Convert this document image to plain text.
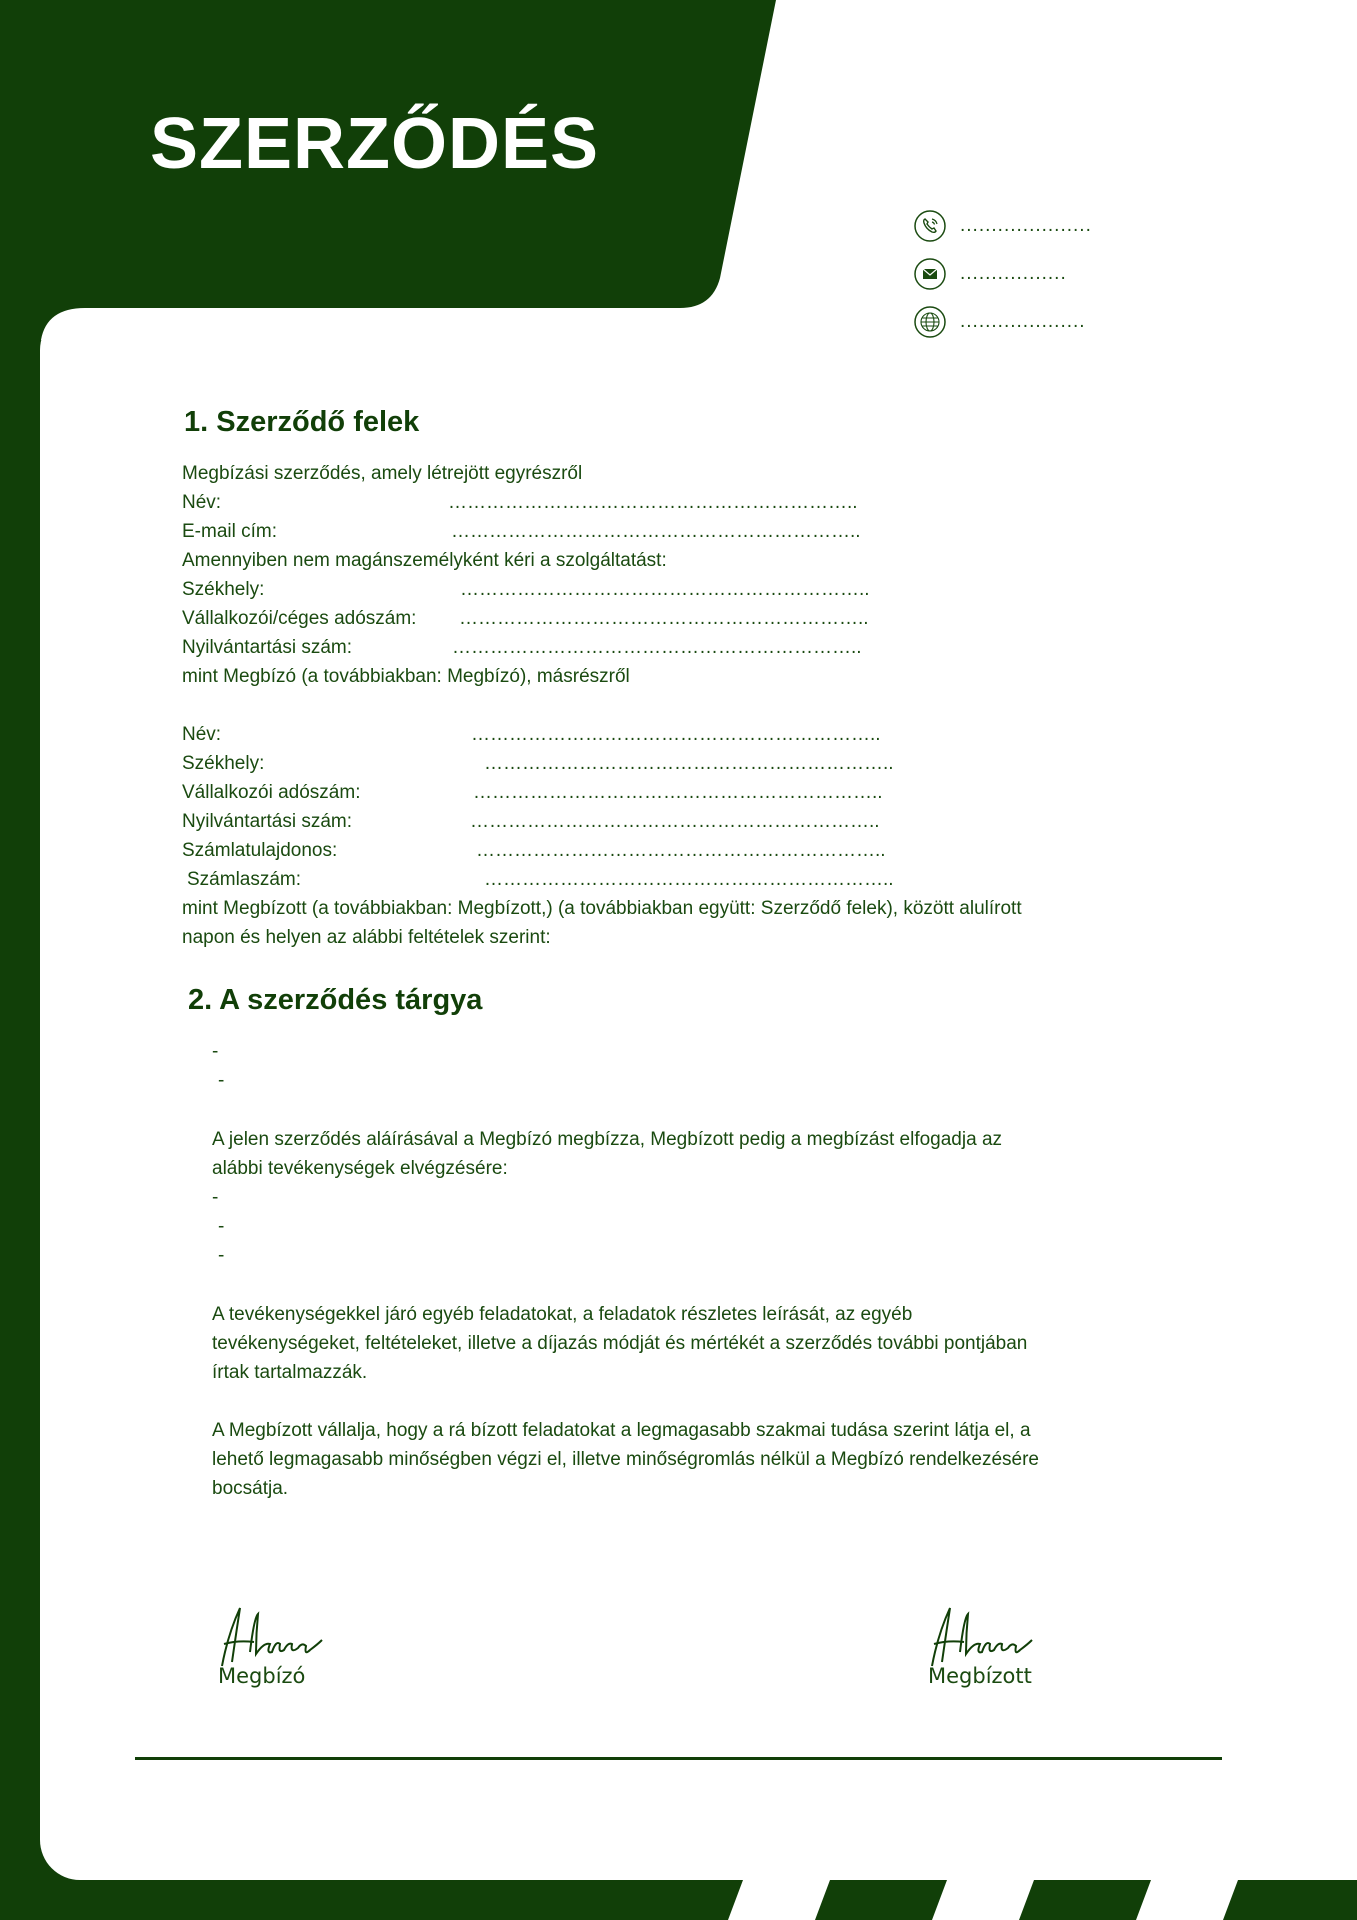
SZERZŐDÉS
.....................
.................
....................
1. Szerződő felek
Megbízási szerződés, amely létrejött egyrészről
Név:	………………………………………………………..
E-mail cím:	………………………………………………………..
Amennyiben nem magánszemélyként kéri a szolgáltatást:
Székhely:	………………………………………………………..
Vállalkozói/céges adószám: ………………………………………………………..
Nyilvántartási szám:	………………………………………………………..
mint Megbízó (a továbbiakban: Megbízó), másrészről
Név:	………………………………………………………..
Székhely:	………………………………………………………..
Vállalkozói adószám:	………………………………………………………..
Nyilvántartási szám:	………………………………………………………..
Számlatulajdonos:	………………………………………………………..
Számlaszám:	………………………………………………………..
mint Megbízott (a továbbiakban: Megbízott,) (a továbbiakban együtt: Szerződő felek), között alulírott
napon és helyen az alábbi feltételek szerint:
2. A szerződés tárgya
-
-
A jelen szerződés aláírásával a Megbízó megbízza, Megbízott pedig a megbízást elfogadja az
alábbi tevékenységek elvégzésére:
-
-
-
A tevékenységekkel járó egyéb feladatokat, a feladatok részletes leírását, az egyéb
tevékenységeket, feltételeket, illetve a díjazás módját és mértékét a szerződés további pontjában
írtak tartalmazzák.
A Megbízott vállalja, hogy a rá bízott feladatokat a legmagasabb szakmai tudása szerint látja el, a
lehető legmagasabb minőségben végzi el, illetve minőségromlás nélkül a Megbízó rendelkezésére
bocsátja.
Megbízó	Megbízott
